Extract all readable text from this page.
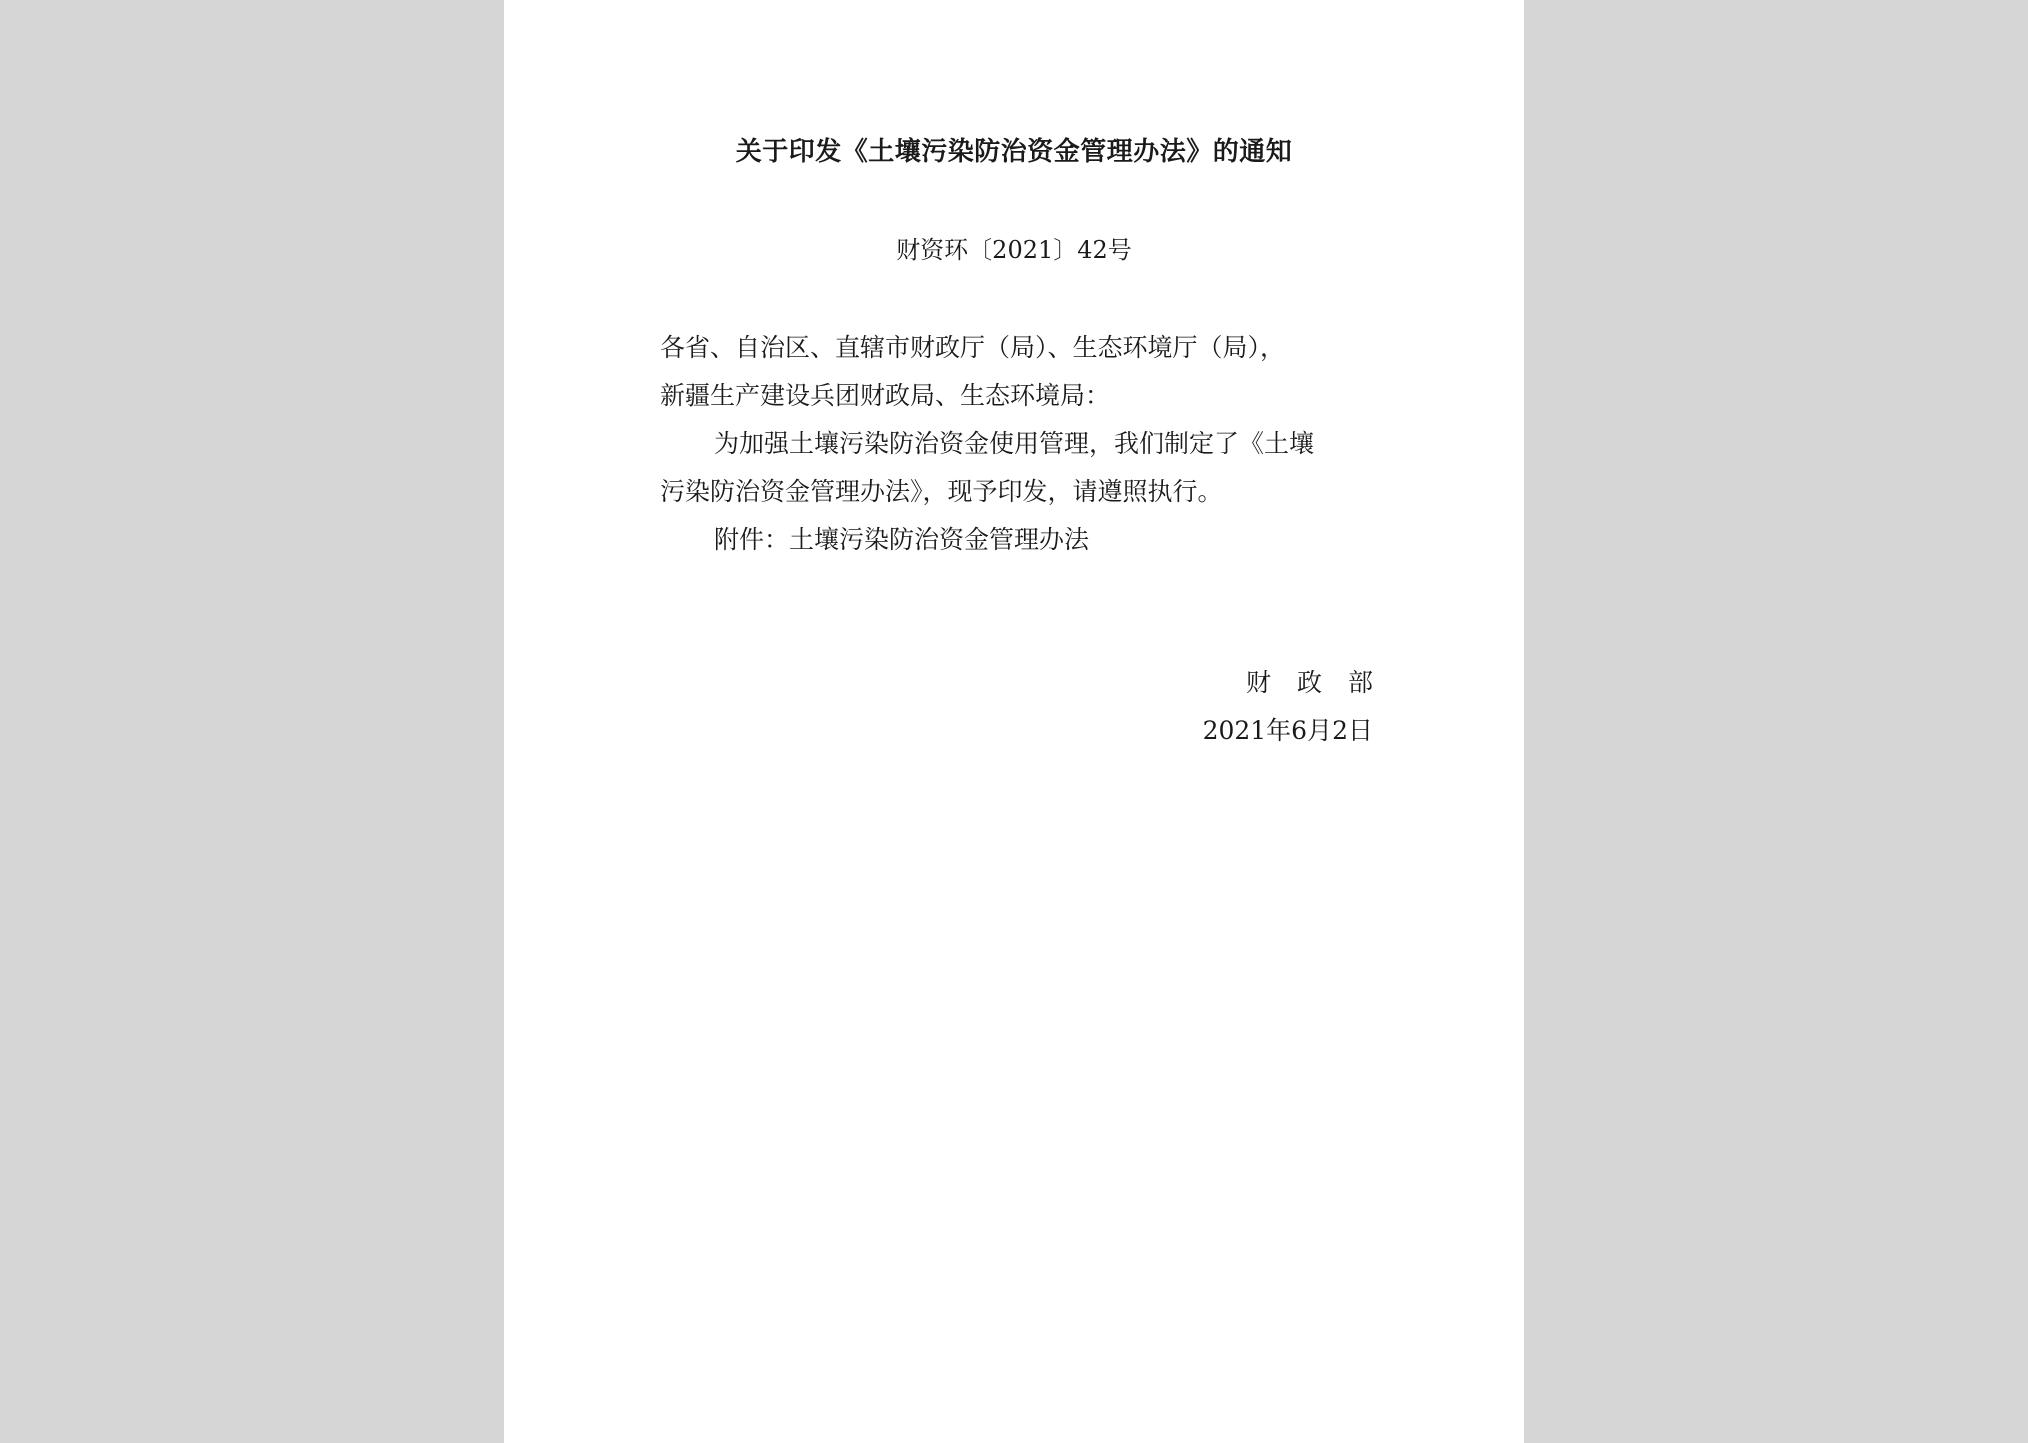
关于印发《土壤污染防治资金管理办法》的通知
财资环〔2021〕42号
各省、自治区、直辖市财政厅（局）、生态环境厅（局），
新疆生产建设兵团财政局、生态环境局：
为加强土壤污染防治资金使用管理，我们制定了《土壤
污染防治资金管理办法》，现予印发，请遵照执行。
附件：土壤污染防治资金管理办法
财政部
2021年6月2日
